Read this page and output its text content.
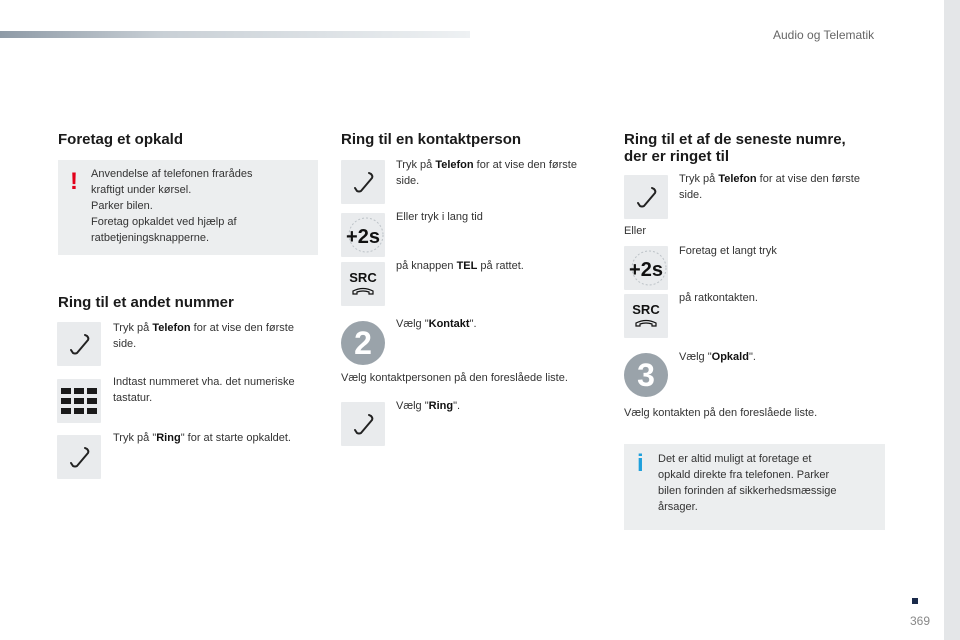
Audio og Telematik
Foretag et opkald
! Anvendelse af telefonen frarådes
kraftigt under kørsel.
Parker bilen.
Foretag opkaldet ved hjælp af
ratbetjeningsknapperne.
Ring til et andet nummer
Tryk på Telefon for at vise den første
side.
Indtast nummeret vha. det numeriske
tastatur.
Tryk på "Ring" for at starte opkaldet.
Ring til en kontaktperson
Tryk på Telefon for at vise den første
side.
+2s
Eller tryk i lang tid
SRC
på knappen TEL på rattet.
2
Vælg "Kontakt".
Vælg kontaktpersonen på den foreslåede liste.
Vælg "Ring".
Ring til et af de seneste numre,
der er ringet til
Tryk på Telefon for at vise den første
side.
Eller
+2s
Foretag et langt tryk
SRC
på ratkontakten.
3	Vælg "Opkald".
Vælg kontakten på den foreslåede liste.
i Det er altid muligt at foretage et
opkald direkte fra telefonen. Parker
bilen forinden af sikkerhedsmæssige
årsager.
369
